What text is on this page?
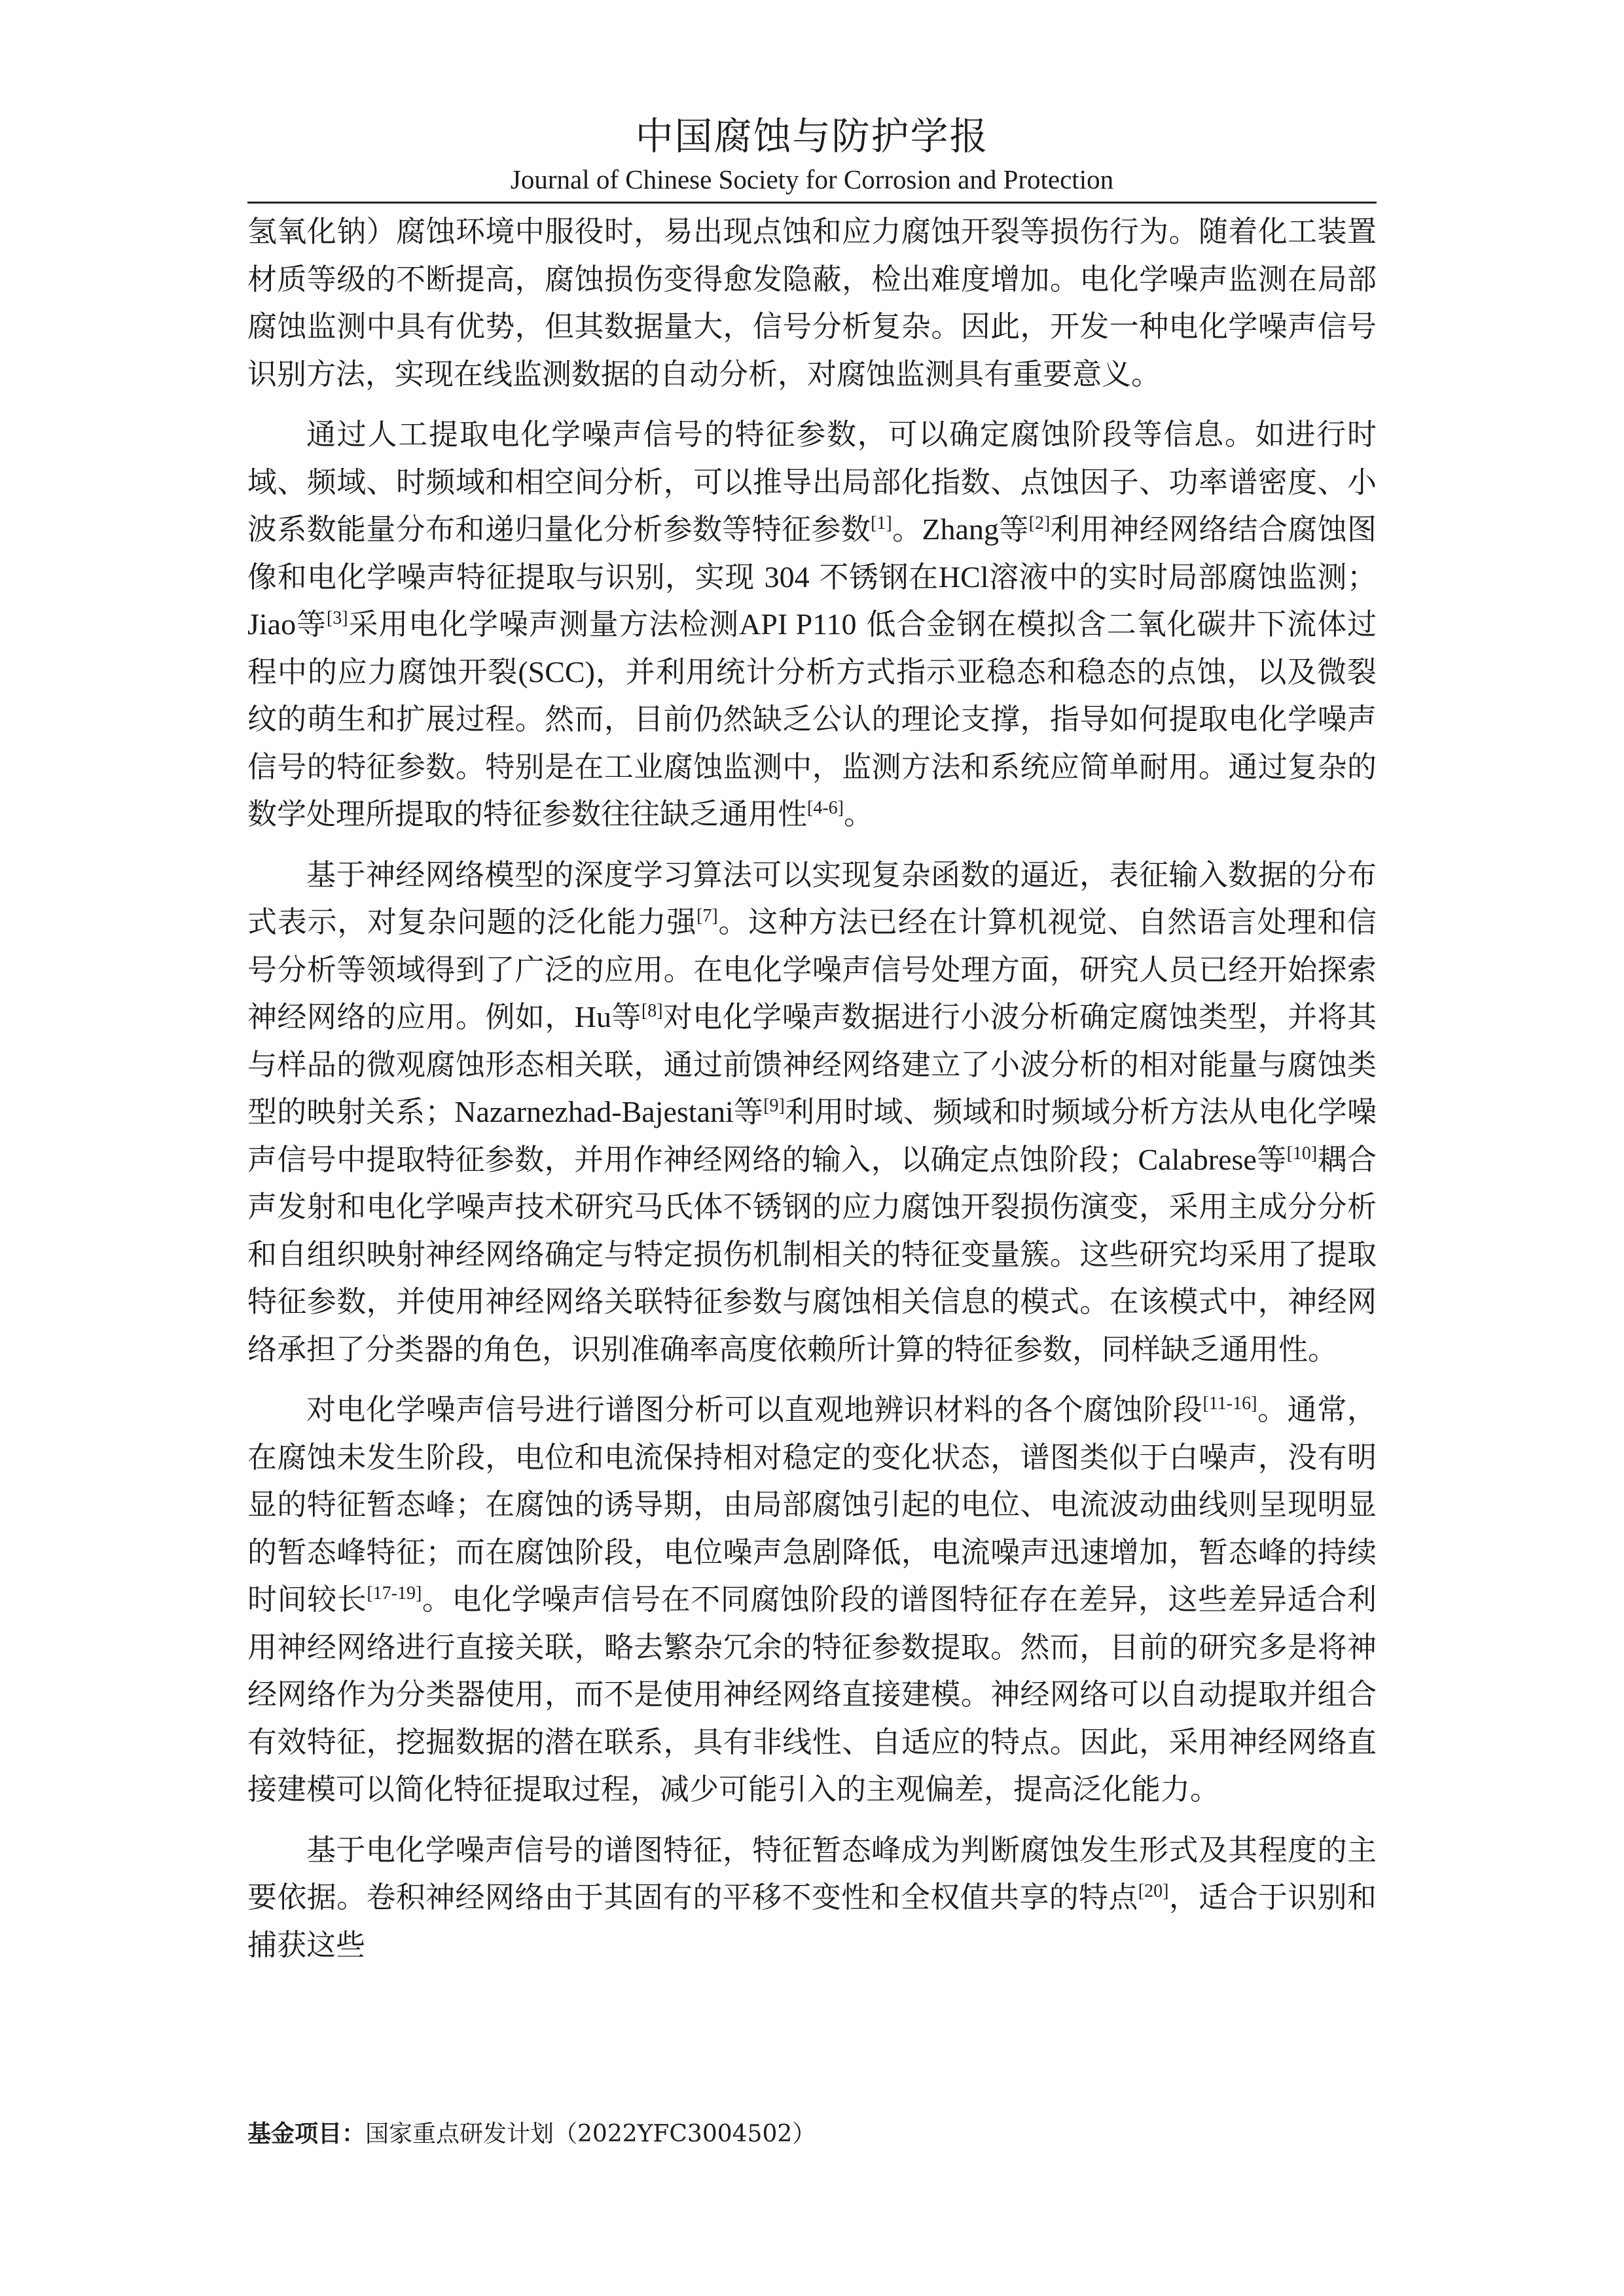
中国腐蚀与防护学报
Journal of Chinese Society for Corrosion and Protection

氢氧化钠）腐蚀环境中服役时，易出现点蚀和应力腐蚀开裂等损伤行为。随着化工装置材质等级的不断提高，腐蚀损伤变得愈发隐蔽，检出难度增加。电化学噪声监测在局部腐蚀监测中具有优势，但其数据量大，信号分析复杂。因此，开发一种电化学噪声信号识别方法，实现在线监测数据的自动分析，对腐蚀监测具有重要意义。

通过人工提取电化学噪声信号的特征参数，可以确定腐蚀阶段等信息。如进行时域、频域、时频域和相空间分析，可以推导出局部化指数、点蚀因子、功率谱密度、小波系数能量分布和递归量化分析参数等特征参数[1]。Zhang等[2]利用神经网络结合腐蚀图像和电化学噪声特征提取与识别，实现 304 不锈钢在HCl溶液中的实时局部腐蚀监测；Jiao等[3]采用电化学噪声测量方法检测API P110 低合金钢在模拟含二氧化碳井下流体过程中的应力腐蚀开裂(SCC)，并利用统计分析方式指示亚稳态和稳态的点蚀，以及微裂纹的萌生和扩展过程。然而，目前仍然缺乏公认的理论支撑，指导如何提取电化学噪声信号的特征参数。特别是在工业腐蚀监测中，监测方法和系统应简单耐用。通过复杂的数学处理所提取的特征参数往往缺乏通用性[4-6]。

基于神经网络模型的深度学习算法可以实现复杂函数的逼近，表征输入数据的分布式表示，对复杂问题的泛化能力强[7]。这种方法已经在计算机视觉、自然语言处理和信号分析等领域得到了广泛的应用。在电化学噪声信号处理方面，研究人员已经开始探索神经网络的应用。例如，Hu等[8]对电化学噪声数据进行小波分析确定腐蚀类型，并将其与样品的微观腐蚀形态相关联，通过前馈神经网络建立了小波分析的相对能量与腐蚀类型的映射关系；Nazarnezhad-Bajestani等[9]利用时域、频域和时频域分析方法从电化学噪声信号中提取特征参数，并用作神经网络的输入，以确定点蚀阶段；Calabrese等[10]耦合声发射和电化学噪声技术研究马氏体不锈钢的应力腐蚀开裂损伤演变，采用主成分分析和自组织映射神经网络确定与特定损伤机制相关的特征变量簇。这些研究均采用了提取特征参数，并使用神经网络关联特征参数与腐蚀相关信息的模式。在该模式中，神经网络承担了分类器的角色，识别准确率高度依赖所计算的特征参数，同样缺乏通用性。

对电化学噪声信号进行谱图分析可以直观地辨识材料的各个腐蚀阶段[11-16]。通常，在腐蚀未发生阶段，电位和电流保持相对稳定的变化状态，谱图类似于白噪声，没有明显的特征暂态峰；在腐蚀的诱导期，由局部腐蚀引起的电位、电流波动曲线则呈现明显的暂态峰特征；而在腐蚀阶段，电位噪声急剧降低，电流噪声迅速增加，暂态峰的持续时间较长[17-19]。电化学噪声信号在不同腐蚀阶段的谱图特征存在差异，这些差异适合利用神经网络进行直接关联，略去繁杂冗余的特征参数提取。然而，目前的研究多是将神经网络作为分类器使用，而不是使用神经网络直接建模。神经网络可以自动提取并组合有效特征，挖掘数据的潜在联系，具有非线性、自适应的特点。因此，采用神经网络直接建模可以简化特征提取过程，减少可能引入的主观偏差，提高泛化能力。

基于电化学噪声信号的谱图特征，特征暂态峰成为判断腐蚀发生形式及其程度的主要依据。卷积神经网络由于其固有的平移不变性和全权值共享的特点[20]，适合于识别和捕获这些

基金项目：国家重点研发计划（2022YFC3004502）
